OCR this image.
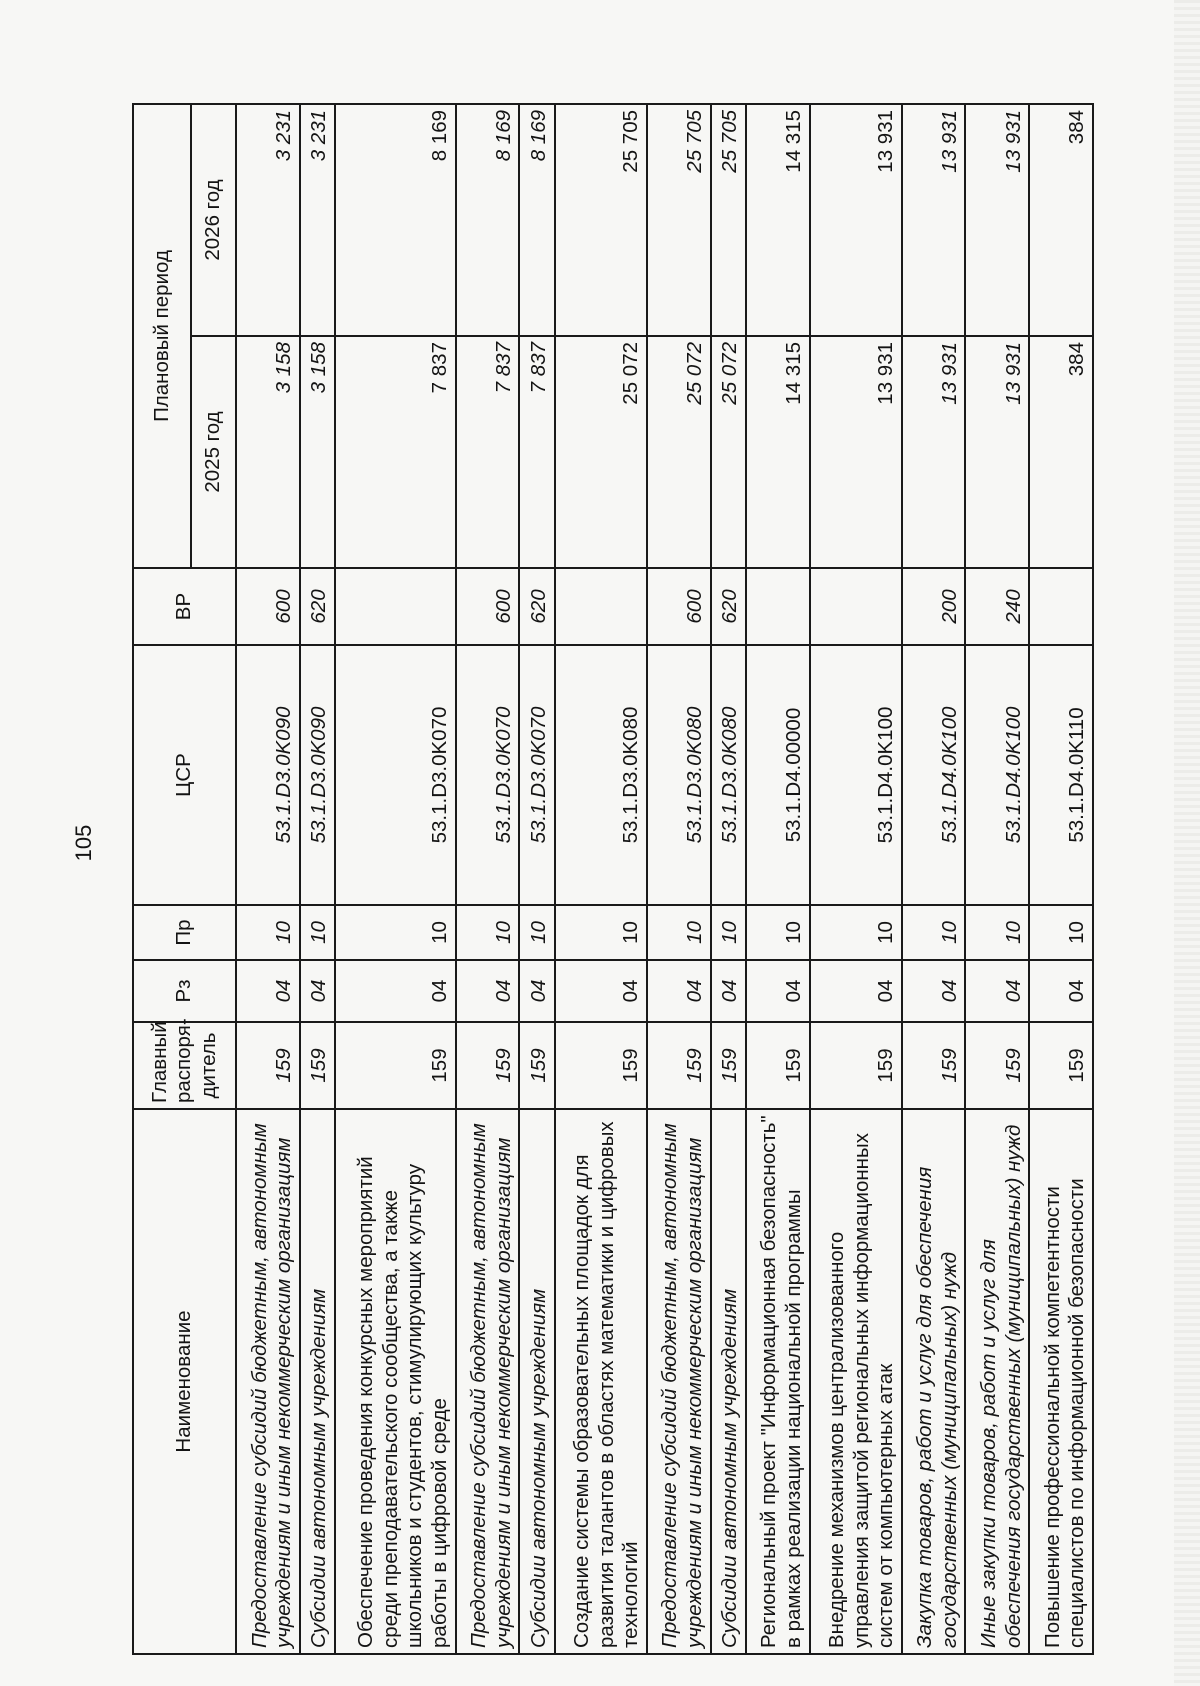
105
Наименование	Главный распоря- дитель	Рз	Пр	ЦСР	ВР	Плановый период	
						2025 год	2026 год
Предоставление субсидий бюджетным, автономным учреждениям и иным некоммерческим организациям	159	04	10	53.1.D3.0K090	600	3 158	3 231
Субсидии автономным учреждениям	159	04	10	53.1.D3.0K090	620	3 158	3 231
Обеспечение проведения конкурсных мероприятий среди преподавательского сообщества, а также школьников и студентов, стимулирующих культуру работы в цифровой среде	159	04	10	53.1.D3.0K070		7 837	8 169
Предоставление субсидий бюджетным, автономным учреждениям и иным некоммерческим организациям	159	04	10	53.1.D3.0K070	600	7 837	8 169
Субсидии автономным учреждениям	159	04	10	53.1.D3.0K070	620	7 837	8 169
Создание системы образовательных площадок для развития талантов в областях математики и цифровых технологий	159	04	10	53.1.D3.0K080		25 072	25 705
Предоставление субсидий бюджетным, автономным учреждениям и иным некоммерческим организациям	159	04	10	53.1.D3.0K080	600	25 072	25 705
Субсидии автономным учреждениям	159	04	10	53.1.D3.0K080	620	25 072	25 705
Региональный проект "Информационная безопасность" в рамках реализации национальной программы	159	04	10	53.1.D4.00000		14 315	14 315
Внедрение механизмов централизованного управления защитой региональных информационных систем от компьютерных атак	159	04	10	53.1.D4.0K100		13 931	13 931
Закупка товаров, работ и услуг для обеспечения государственных (муниципальных) нужд	159	04	10	53.1.D4.0K100	200	13 931	13 931
Иные закупки товаров, работ и услуг для обеспечения государственных (муниципальных) нужд	159	04	10	53.1.D4.0K100	240	13 931	13 931
Повышение профессиональной компетентности специалистов по информационной безопасности	159	04	10	53.1.D4.0K110		384	384
